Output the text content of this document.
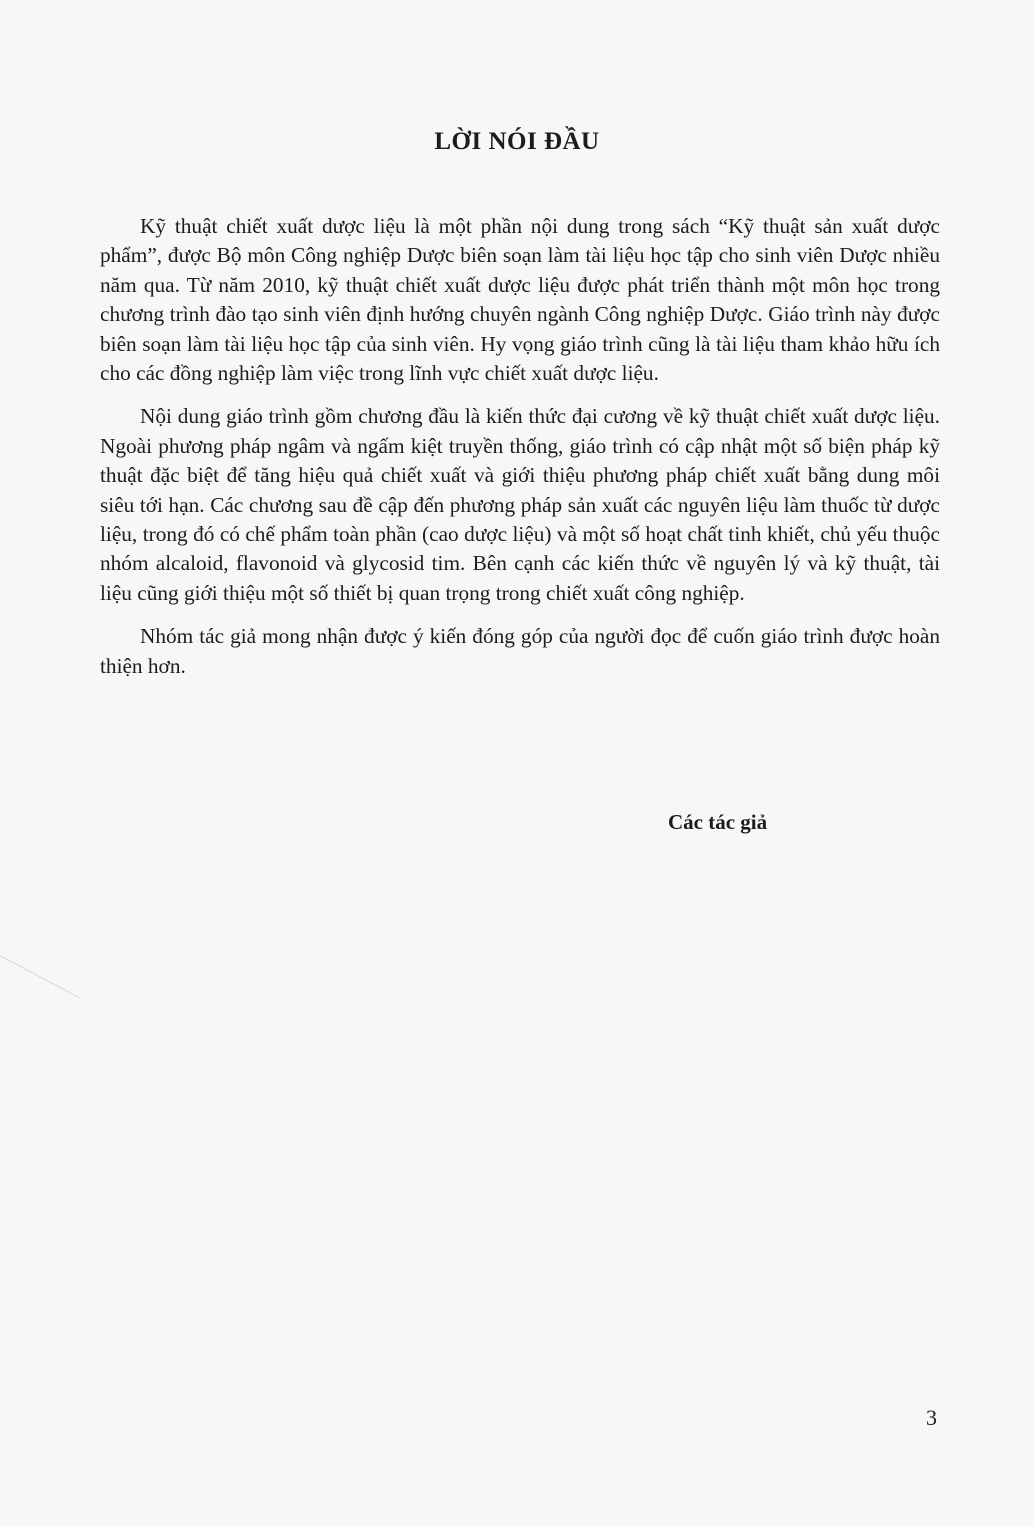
LỜI NÓI ĐẦU

Kỹ thuật chiết xuất dược liệu là một phần nội dung trong sách “Kỹ thuật sản xuất dược phẩm”, được Bộ môn Công nghiệp Dược biên soạn làm tài liệu học tập cho sinh viên Dược nhiều năm qua. Từ năm 2010, kỹ thuật chiết xuất dược liệu được phát triển thành một môn học trong chương trình đào tạo sinh viên định hướng chuyên ngành Công nghiệp Dược. Giáo trình này được biên soạn làm tài liệu học tập của sinh viên. Hy vọng giáo trình cũng là tài liệu tham khảo hữu ích cho các đồng nghiệp làm việc trong lĩnh vực chiết xuất dược liệu.

Nội dung giáo trình gồm chương đầu là kiến thức đại cương về kỹ thuật chiết xuất dược liệu. Ngoài phương pháp ngâm và ngấm kiệt truyền thống, giáo trình có cập nhật một số biện pháp kỹ thuật đặc biệt để tăng hiệu quả chiết xuất và giới thiệu phương pháp chiết xuất bằng dung môi siêu tới hạn. Các chương sau đề cập đến phương pháp sản xuất các nguyên liệu làm thuốc từ dược liệu, trong đó có chế phẩm toàn phần (cao dược liệu) và một số hoạt chất tinh khiết, chủ yếu thuộc nhóm alcaloid, flavonoid và glycosid tim. Bên cạnh các kiến thức về nguyên lý và kỹ thuật, tài liệu cũng giới thiệu một số thiết bị quan trọng trong chiết xuất công nghiệp.

Nhóm tác giả mong nhận được ý kiến đóng góp của người đọc để cuốn giáo trình được hoàn thiện hơn.

Các tác giả
3
